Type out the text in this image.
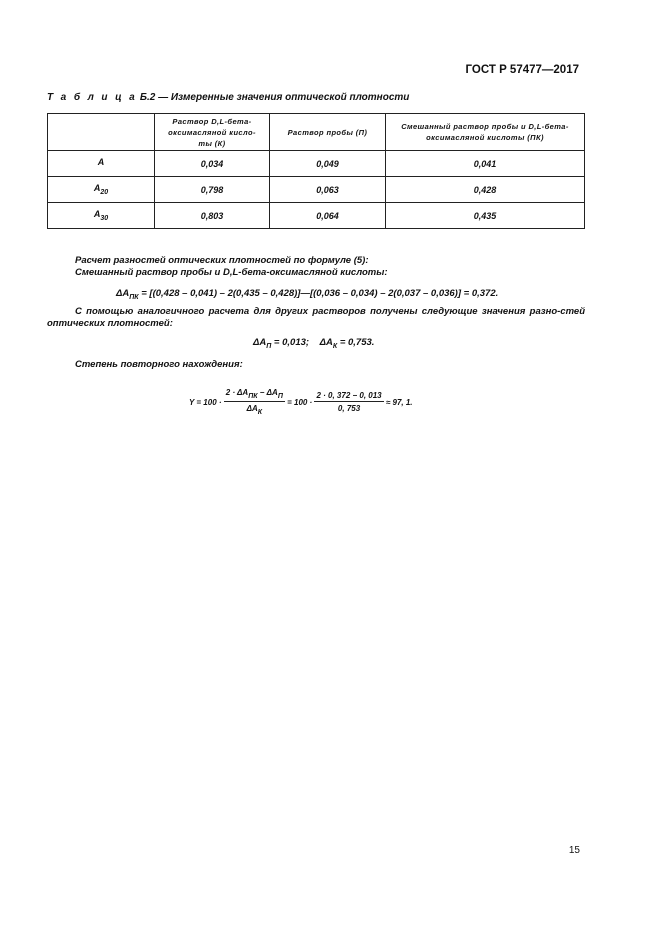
ГОСТ Р 57477—2017
Т а б л и ц а Б.2 — Измеренные значения оптической плотности

	Раствор D,L-бета-оксимасляной кисло-ты (К)	Раствор пробы (П)	Смешанный раствор пробы и D,L-бета-оксимасляной кислоты (ПК)

A	0,034	0,049	0,041
$A_{20}$	0,798	0,063	0,428
$A_{30}$	0,803	0,064	0,435
Расчет разностей оптических плотностей по формуле (5):
Смешанный раствор пробы и D,L-бета-оксимасляной кислоты:
$\Delta A_{ПК} = [(0,428 - 0,041) - 2(0,435$ – 0,428)]—[(0,036 – 0,034) – 2(0,037 – 0,036)] = 0,372.
С помощью аналогичного расчета для других растворов получены следующие значения разно-стей оптических плотностей:
$\Delta A_П = 0,013$; $\Delta A_К = 0,753$.
Степень повторного нахождения:
$Y = 100 \cdot \frac{2 \cdot \Delta A_{ПК} - \Delta A_П}{\Delta A_К} = 100 \cdot \frac{2 \cdot 0, 372 - 0, 013}{0, 753} \approx 97$, 1.
15
